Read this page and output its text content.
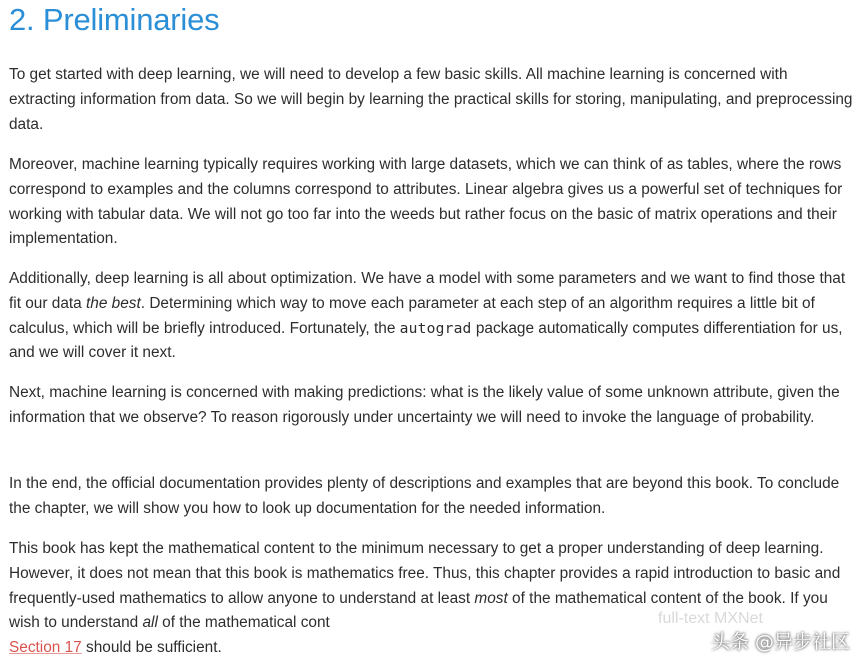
2. Preliminaries

To get started with deep learning, we will need to develop a few basic skills. All machine learning is concerned with extracting information from data. So we will begin by learning the practical skills for storing, manipulating, and preprocessing data.

Moreover, machine learning typically requires working with large datasets, which we can think of as tables, where the rows correspond to examples and the columns correspond to attributes. Linear algebra gives us a powerful set of techniques for working with tabular data. We will not go too far into the weeds but rather focus on the basic of matrix operations and their implementation.

Additionally, deep learning is all about optimization. We have a model with some parameters and we want to find those that fit our data the best. Determining which way to move each parameter at each step of an algorithm requires a little bit of calculus, which will be briefly introduced. Fortunately, the autograd package automatically computes differentiation for us, and we will cover it next.

Next, machine learning is concerned with making predictions: what is the likely value of some unknown attribute, given the information that we observe? To reason rigorously under uncertainty we will need to invoke the language of probability.

In the end, the official documentation provides plenty of descriptions and examples that are beyond this book. To conclude the chapter, we will show you how to look up documentation for the needed information.

This book has kept the mathematical content to the minimum necessary to get a proper understanding of deep learning. However, it does not mean that this book is mathematics free. Thus, this chapter provides a rapid introduction to basic and frequently-used mathematics to allow anyone to understand at least most of the mathematical content of the book. If you wish to understand all of the mathematical cont
Section 17 should be sufficient.

full-text MXNet
头条 @异步社区
